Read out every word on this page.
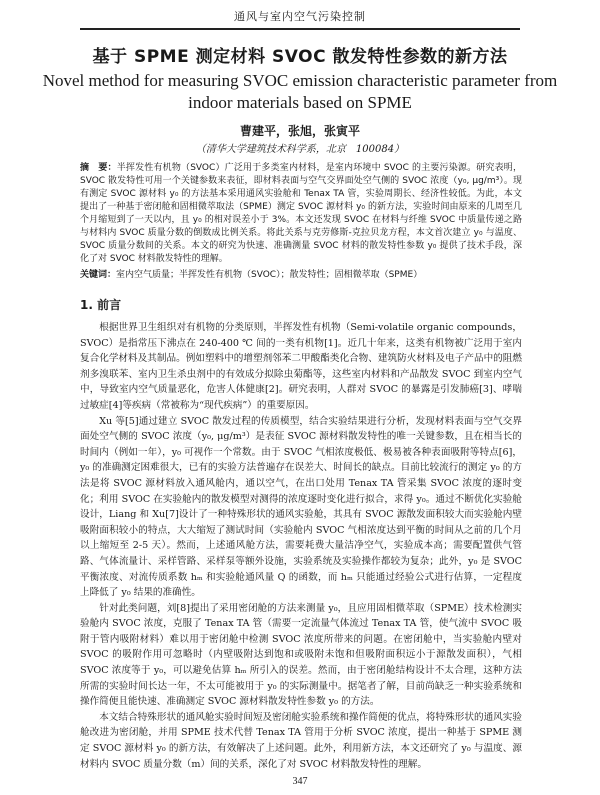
通风与室内空气污染控制
基于 SPME 测定材料 SVOC 散发特性参数的新方法
Novel method for measuring SVOC emission characteristic parameter from indoor materials based on SPME
曹建平，张旭，张寅平
（清华大学建筑技术科学系，北京　100084）
摘　要：半挥发性有机物（SVOC）广泛用于多类室内材料，是室内环境中 SVOC 的主要污染源。研究表明，SVOC 散发特性可用一个关键参数来表征，即材料表面与空气交界面处空气侧的 SVOC 浓度（y₀, μg/m³）。现有测定 SVOC 源材料 y₀ 的方法基本采用通风实验舱和 Tenax TA 管，实验周期长、经济性较低。为此，本文提出了一种基于密闭舱和固相微萃取法（SPME）测定 SVOC 源材料 y₀ 的新方法，实验时间由原来的几周至几个月缩短到了一天以内，且 y₀ 的相对误差小于 3%。本文还发现 SVOC 在材料与纤维 SVOC 中质量传递之路与材料内 SVOC 质量分数的倒数成比例关系。将此关系与克劳修斯-克拉贝龙方程，本文首次建立 y₀ 与温度、SVOC 质量分数间的关系。本文的研究为快速、准确测量 SVOC 材料的散发特性参数 y₀ 提供了技术手段，深化了对 SVOC 材料散发特性的理解。
关键词：室内空气质量；半挥发性有机物（SVOC）；散发特性；固相微萃取（SPME）
1. 前言

根据世界卫生组织对有机物的分类原则，半挥发性有机物（Semi-volatile organic compounds，SVOC）是指常压下沸点在 240-400 ℃ 间的一类有机物[1]。近几十年来，这类有机物被广泛用于室内复合化学材料及其制品。例如塑料中的增塑剂邻苯二甲酸酯类化合物、建筑防火材料及电子产品中的阻燃剂多溴联苯、室内卫生杀虫剂中的有效成分拟除虫菊酯等，这些室内材料和产品散发 SVOC 到室内空气中，导致室内空气质量恶化，危害人体健康[2]。研究表明，人群对 SVOC 的暴露是引发肺癌[3]、哮喘过敏症[4]等疾病（常被称为“现代疾病”）的重要原因。

Xu 等[5]通过建立 SVOC 散发过程的传质模型，结合实验结果进行分析，发现材料表面与空气交界面处空气侧的 SVOC 浓度（y₀, μg/m³）是表征 SVOC 源材料散发特性的唯一关键参数，且在相当长的时间内（例如一年），y₀ 可视作一个常数。由于 SVOC 气相浓度极低、极易被各种表面吸附等特点[6]，y₀ 的准确测定困难很大，已有的实验方法普遍存在误差大、时间长的缺点。目前比较流行的测定 y₀ 的方法是将 SVOC 源材料放入通风舱内，通以空气，在出口处用 Tenax TA 管采集 SVOC 浓度的逐时变化；利用 SVOC 在实验舱内的散发模型对测得的浓度逐时变化进行拟合，求得 y₀。通过不断优化实验舱设计，Liang 和 Xu[7]设计了一种特殊形状的通风实验舱，其具有 SVOC 源散发面积较大而实验舱内壁吸附面积较小的特点，大大缩短了测试时间（实验舱内 SVOC 气相浓度达到平衡的时间从之前的几个月以上缩短至 2-5 天）。然而，上述通风舱方法，需要耗费大量洁净空气，实验成本高；需要配置供气管路、气体流量计、采样管路、采样泵等额外设施，实验系统及实验操作都较为复杂；此外，y₀ 是 SVOC 平衡浓度、对流传质系数 hₘ 和实验舱通风量 Q 的函数，而 hₘ 只能通过经验公式进行估算，一定程度上降低了 y₀ 结果的准确性。

针对此类问题，刘[8]提出了采用密闭舱的方法来测量 y₀，且应用固相微萃取（SPME）技术检测实验舱内 SVOC 浓度，克服了 Tenax TA 管（需要一定流量气体流过 Tenax TA 管，使气流中 SVOC 吸附于管内吸附材料）难以用于密闭舱中检测 SVOC 浓度所带来的问题。在密闭舱中，当实验舱内壁对 SVOC 的吸附作用可忽略时（内壁吸附达到饱和或吸附未饱和但吸附面积远小于源散发面积），气相 SVOC 浓度等于 y₀，可以避免估算 hₘ 所引入的误差。然而，由于密闭舱结构设计不太合理，这种方法所需的实验时间长达一年，不太可能被用于 y₀ 的实际测量中。据笔者了解，目前尚缺乏一种实验系统和操作简便且能快速、准确测定 SVOC 源材料散发特性参数 y₀ 的方法。

本文结合特殊形状的通风舱实验时间短及密闭舱实验系统和操作简便的优点，将特殊形状的通风实验舱改进为密闭舱，并用 SPME 技术代替 Tenax TA 管用于分析 SVOC 浓度，提出一种基于 SPME 测定 SVOC 源材料 y₀ 的新方法，有效解决了上述问题。此外，利用新方法，本文还研究了 y₀ 与温度、源材料内 SVOC 质量分数（m）间的关系，深化了对 SVOC 材料散发特性的理解。

347
